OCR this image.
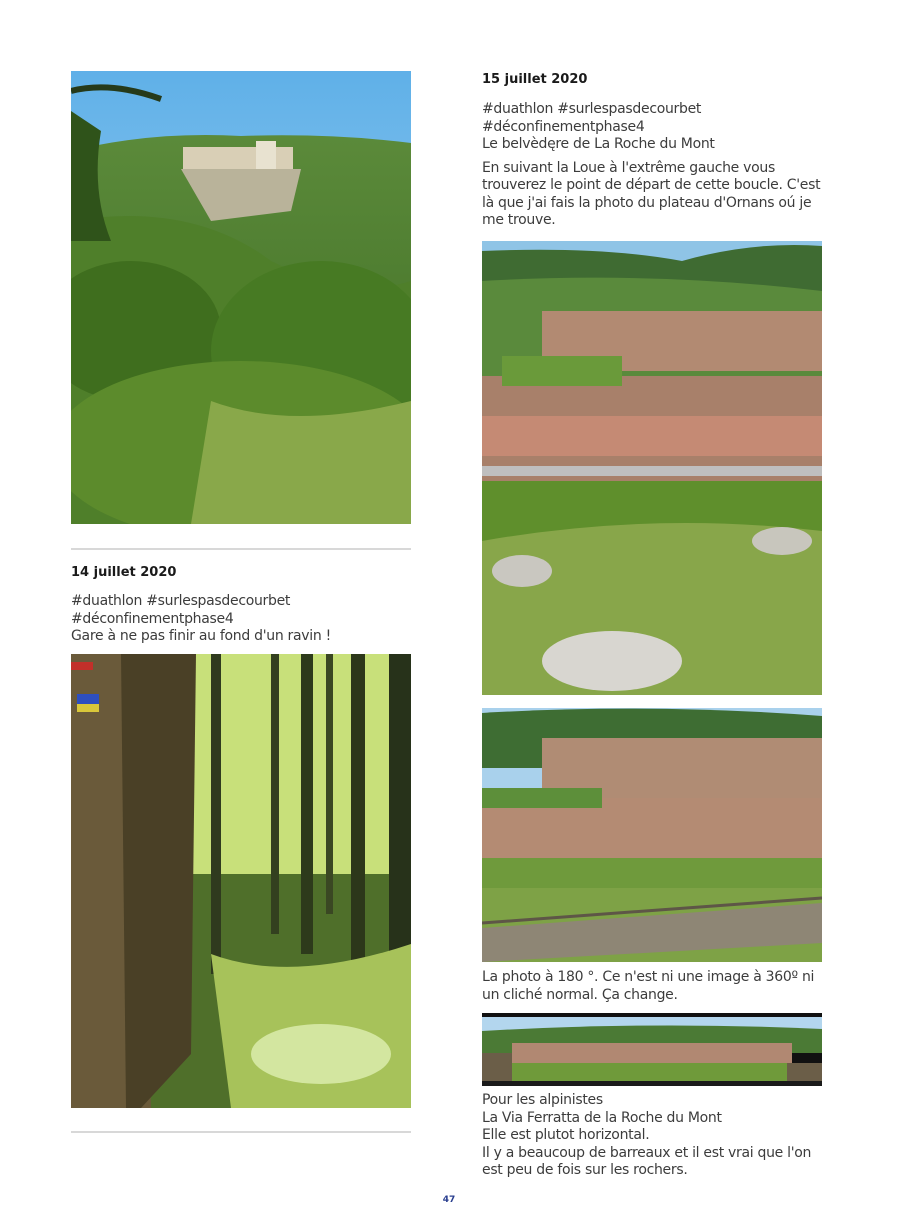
14 juillet 2020
#duathlon #surlespasdecourbet
#déconfinementphase4
Gare à ne pas finir au fond d'un ravin !
15 juillet 2020
#duathlon #surlespasdecourbet
#déconfinementphase4
Le belvèdęre de La Roche du Mont
En suivant la Loue à l'extrême gauche vous
trouverez le point de départ de cette boucle. C'est
là que j'ai fais la photo du plateau d'Ornans oú je
me trouve.
La photo à 180 °. Ce n'est ni une image à 360º ni
un cliché normal. Ça change.
Pour les alpinistes
La Via Ferratta de la Roche du Mont
Elle est plutot horizontal.
Il y a beaucoup de barreaux et il est vrai que l'on
est peu de fois sur les rochers.
47
